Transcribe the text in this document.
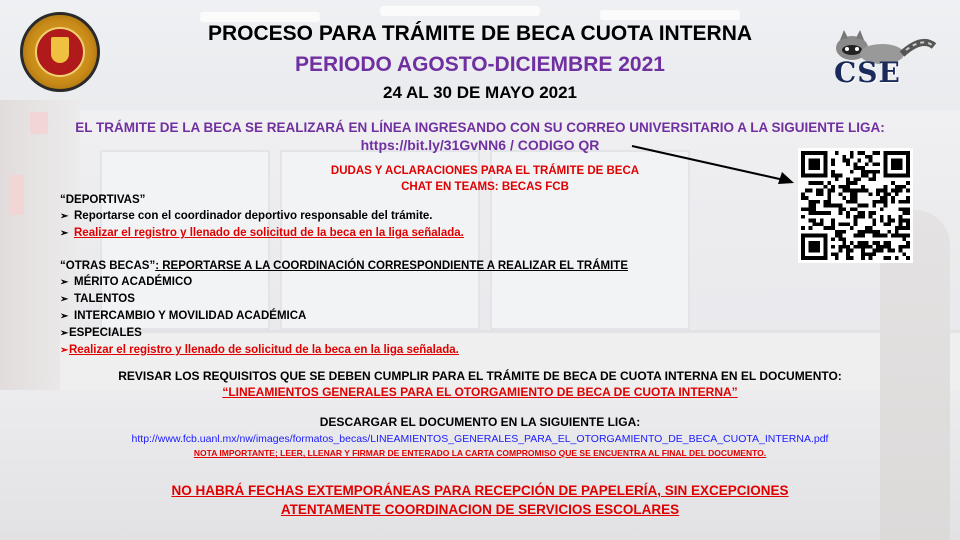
CSE
PROCESO PARA TRÁMITE DE BECA CUOTA INTERNA
PERIODO AGOSTO-DICIEMBRE 2021
24 AL 30 DE MAYO 2021
EL TRÁMITE DE LA BECA SE REALIZARÁ EN LÍNEA INGRESANDO CON SU CORREO UNIVERSITARIO A LA SIGUIENTE LIGA:
https://bit.ly/31GvNN6 / CODIGO QR
DUDAS Y ACLARACIONES PARA EL TRÁMITE DE BECA
CHAT EN TEAMS: BECAS FCB
“DEPORTIVAS”
➢ Reportarse con el coordinador deportivo responsable del trámite.
➢ Realizar el registro y llenado de solicitud de la beca en la liga señalada.
“OTRAS BECAS”: REPORTARSE A LA COORDINACIÓN CORRESPONDIENTE A REALIZAR EL TRÁMITE
➢ MÉRITO ACADÉMICO
➢ TALENTOS
➢ INTERCAMBIO Y MOVILIDAD ACADÉMICA
➢ESPECIALES
➢Realizar el registro y llenado de solicitud de la beca en la liga señalada.
REVISAR LOS REQUISITOS QUE SE DEBEN CUMPLIR PARA EL TRÁMITE DE BECA DE CUOTA INTERNA EN EL DOCUMENTO:
“LINEAMIENTOS GENERALES PARA EL OTORGAMIENTO DE BECA DE CUOTA INTERNA”
DESCARGAR EL DOCUMENTO EN LA SIGUIENTE LIGA:
http://www.fcb.uanl.mx/nw/images/formatos_becas/LINEAMIENTOS_GENERALES_PARA_EL_OTORGAMIENTO_DE_BECA_CUOTA_INTERNA.pdf
NOTA IMPORTANTE; LEER, LLENAR Y FIRMAR DE ENTERADO LA CARTA COMPROMISO QUE SE ENCUENTRA AL FINAL DEL DOCUMENTO.
NO HABRÁ FECHAS EXTEMPORÁNEAS PARA RECEPCIÓN DE PAPELERÍA, SIN EXCEPCIONES
ATENTAMENTE COORDINACION DE SERVICIOS ESCOLARES
